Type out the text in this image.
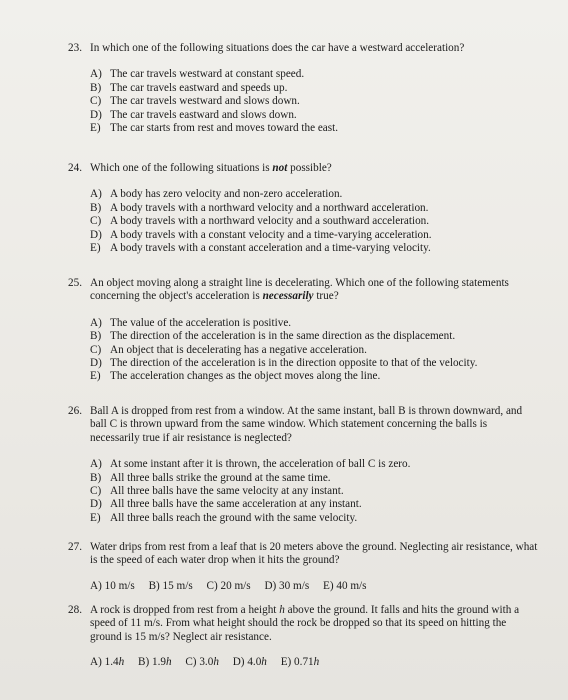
23. In which one of the following situations does the car have a westward acceleration?
A) The car travels westward at constant speed.
B) The car travels eastward and speeds up.
C) The car travels westward and slows down.
D) The car travels eastward and slows down.
E) The car starts from rest and moves toward the east.
24. Which one of the following situations is not possible?
A) A body has zero velocity and non-zero acceleration.
B) A body travels with a northward velocity and a northward acceleration.
C) A body travels with a northward velocity and a southward acceleration.
D) A body travels with a constant velocity and a time-varying acceleration.
E) A body travels with a constant acceleration and a time-varying velocity.
25. An object moving along a straight line is decelerating. Which one of the following statements concerning the object's acceleration is necessarily true?
A) The value of the acceleration is positive.
B) The direction of the acceleration is in the same direction as the displacement.
C) An object that is decelerating has a negative acceleration.
D) The direction of the acceleration is in the direction opposite to that of the velocity.
E) The acceleration changes as the object moves along the line.
26. Ball A is dropped from rest from a window. At the same instant, ball B is thrown downward, and ball C is thrown upward from the same window. Which statement concerning the balls is necessarily true if air resistance is neglected?
A) At some instant after it is thrown, the acceleration of ball C is zero.
B) All three balls strike the ground at the same time.
C) All three balls have the same velocity at any instant.
D) All three balls have the same acceleration at any instant.
E) All three balls reach the ground with the same velocity.
27. Water drips from rest from a leaf that is 20 meters above the ground. Neglecting air resistance, what is the speed of each water drop when it hits the ground?
A) 10 m/s B) 15 m/s C) 20 m/s D) 30 m/s E) 40 m/s
28. A rock is dropped from rest from a height h above the ground. It falls and hits the ground with a speed of 11 m/s. From what height should the rock be dropped so that its speed on hitting the ground is 15 m/s? Neglect air resistance.
A) 1.4h B) 1.9h C) 3.0h D) 4.0h E) 0.71h
